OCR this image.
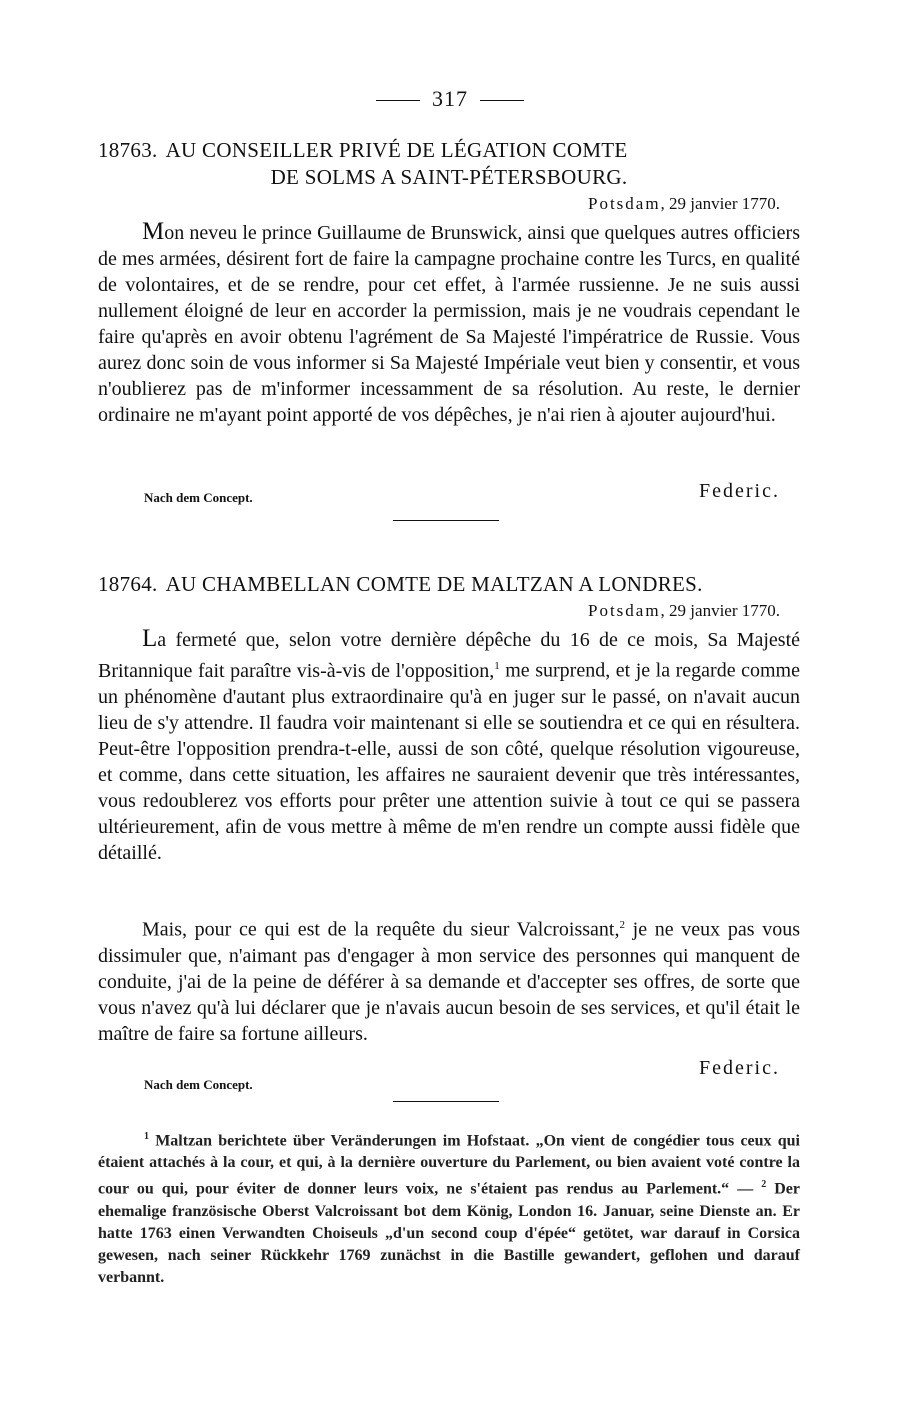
317
18763. AU CONSEILLER PRIVÉ DE LÉGATION COMTE
DE SOLMS A SAINT-PÉTERSBOURG.
Potsdam, 29 janvier 1770.

Mon neveu le prince Guillaume de Brunswick, ainsi que quelques autres officiers de mes armées, désirent fort de faire la campagne prochaine contre les Turcs, en qualité de volontaires, et de se rendre, pour cet effet, à l'armée russienne. Je ne suis aussi nullement éloigné de leur en accorder la permission, mais je ne voudrais cependant le faire qu'après en avoir obtenu l'agrément de Sa Majesté l'impératrice de Russie. Vous aurez donc soin de vous informer si Sa Majesté Impériale veut bien y consentir, et vous n'oublierez pas de m'informer incessamment de sa résolution. Au reste, le dernier ordinaire ne m'ayant point apporté de vos dépêches, je n'ai rien à ajouter aujourd'hui.

Nach dem Concept.	Federic.
18764. AU CHAMBELLAN COMTE DE MALTZAN A LONDRES.
Potsdam, 29 janvier 1770.

La fermeté que, selon votre dernière dépêche du 16 de ce mois, Sa Majesté Britannique fait paraître vis-à-vis de l'opposition,$^1$ me surprend, et je la regarde comme un phénomène d'autant plus extraordinaire qu'à en juger sur le passé, on n'avait aucun lieu de s'y attendre. Il faudra voir maintenant si elle se soutiendra et ce qui en résultera. Peut-être l'opposition prendra-t-elle, aussi de son côté, quelque résolution vigoureuse, et comme, dans cette situation, les affaires ne sauraient devenir que très intéressantes, vous redoublerez vos efforts pour prêter une attention suivie à tout ce qui se passera ultérieurement, afin de vous mettre à même de m'en rendre un compte aussi fidèle que détaillé.

Mais, pour ce qui est de la requête du sieur Valcroissant,$^2$ je ne veux pas vous dissimuler que, n'aimant pas d'engager à mon service des personnes qui manquent de conduite, j'ai de la peine de déférer à sa demande et d'accepter ses offres, de sorte que vous n'avez qu'à lui déclarer que je n'avais aucun besoin de ses services, et qu'il était le maître de faire sa fortune ailleurs.

Nach dem Concept.
Federic.

$^1$ Maltzan berichtete über Veränderungen im Hofstaat. „On vient de congédier tous ceux qui étaient attachés à la cour, et qui, à la dernière ouverture du Parlement, ou bien avaient voté contre la cour ou qui, pour éviter de donner leurs voix, ne s'étaient pas rendus au Parlement.“ — $^2$ Der ehemalige französische Oberst Valcroissant bot dem König, London 16. Januar, seine Dienste an. Er hatte 1763 einen Verwandten Choiseuls „d'un second coup d'épée“ getötet, war darauf in Corsica gewesen, nach seiner Rückkehr 1769 zunächst in die Bastille gewandert, geflohen und darauf verbannt.
